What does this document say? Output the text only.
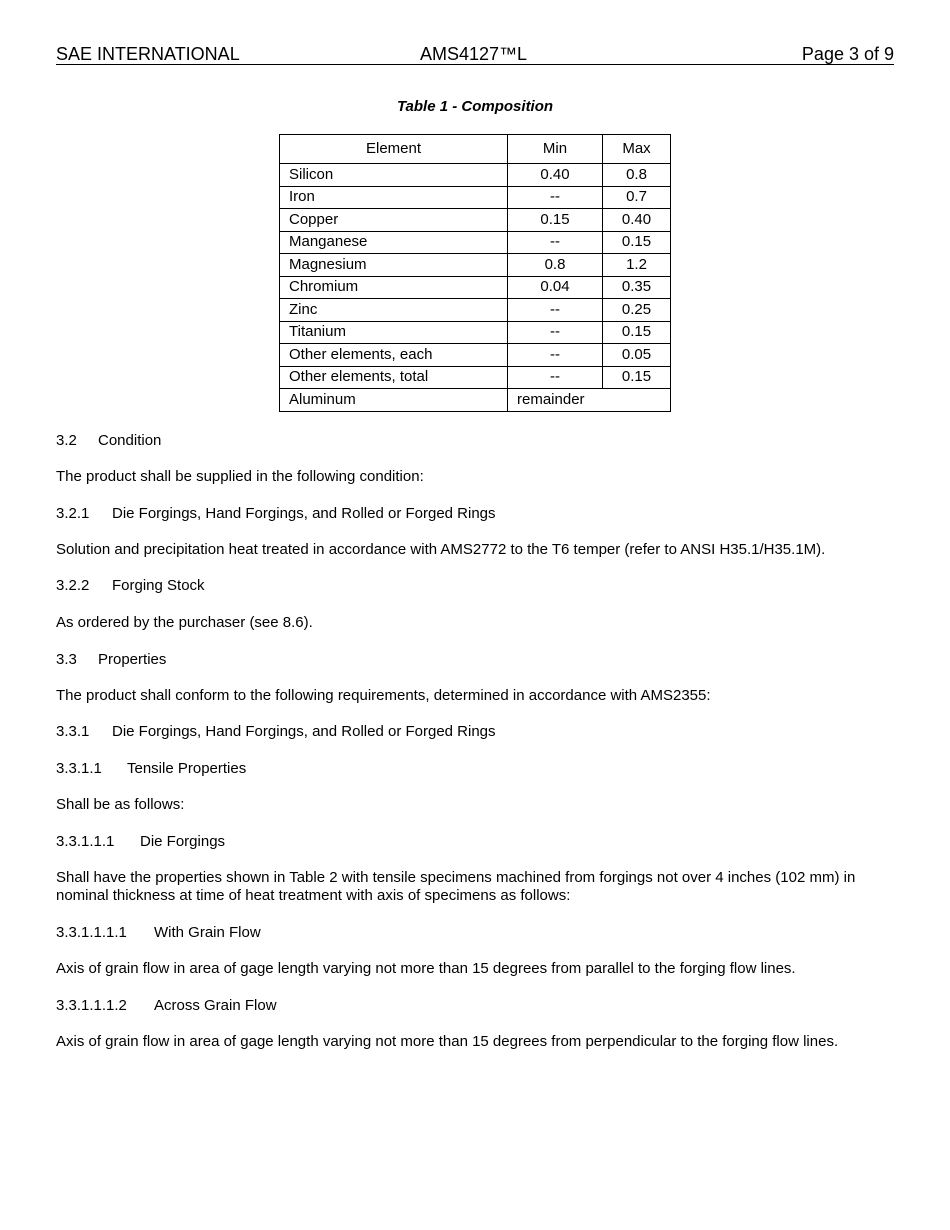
SAE INTERNATIONAL	AMS4127™L	Page 3 of 9
Table 1 - Composition
Element	Min	Max
Silicon	0.40	0.8
Iron	--	0.7
Copper	0.15	0.40
Manganese	--	0.15
Magnesium	0.8	1.2
Chromium	0.04	0.35
Zinc	--	0.25
Titanium	--	0.15
Other elements, each	--	0.05
Other elements, total	--	0.15
Aluminum	remainder	
3.2 Condition
The product shall be supplied in the following condition:
3.2.1 Die Forgings, Hand Forgings, and Rolled or Forged Rings
Solution and precipitation heat treated in accordance with AMS2772 to the T6 temper (refer to ANSI H35.1/H35.1M).
3.2.2 Forging Stock
As ordered by the purchaser (see 8.6).
3.3 Properties
The product shall conform to the following requirements, determined in accordance with AMS2355:
3.3.1 Die Forgings, Hand Forgings, and Rolled or Forged Rings
3.3.1.1 Tensile Properties
Shall be as follows:
3.3.1.1.1 Die Forgings
Shall have the properties shown in Table 2 with tensile specimens machined from forgings not over 4 inches (102 mm) in nominal thickness at time of heat treatment with axis of specimens as follows:
3.3.1.1.1.1 With Grain Flow
Axis of grain flow in area of gage length varying not more than 15 degrees from parallel to the forging flow lines.
3.3.1.1.1.2 Across Grain Flow
Axis of grain flow in area of gage length varying not more than 15 degrees from perpendicular to the forging flow lines.
